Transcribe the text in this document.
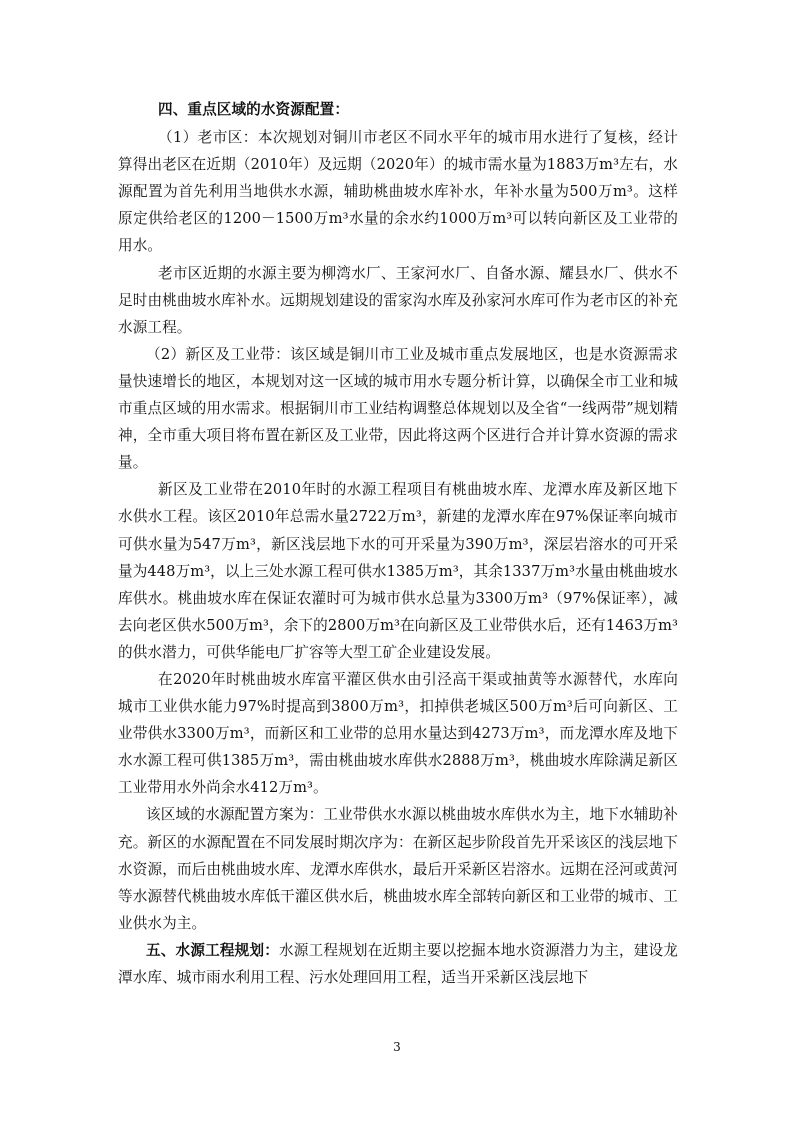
四、重点区域的水资源配置：

（1）老市区：本次规划对铜川市老区不同水平年的城市用水进行了复核，经计算得出老区在近期（2010年）及远期（2020年）的城市需水量为1883万m³左右，水源配置为首先利用当地供水水源，辅助桃曲坡水库补水，年补水量为500万m³。这样原定供给老区的1200－1500万m³水量的余水约1000万m³可以转向新区及工业带的用水。

老市区近期的水源主要为柳湾水厂、王家河水厂、自备水源、耀县水厂、供水不足时由桃曲坡水库补水。远期规划建设的雷家沟水库及孙家河水库可作为老市区的补充水源工程。

（2）新区及工业带：该区域是铜川市工业及城市重点发展地区，也是水资源需求量快速增长的地区，本规划对这一区域的城市用水专题分析计算，以确保全市工业和城市重点区域的用水需求。根据铜川市工业结构调整总体规划以及全省“一线两带”规划精神，全市重大项目将布置在新区及工业带，因此将这两个区进行合并计算水资源的需求量。

新区及工业带在2010年时的水源工程项目有桃曲坡水库、龙潭水库及新区地下水供水工程。该区2010年总需水量2722万m³，新建的龙潭水库在97%保证率向城市可供水量为547万m³，新区浅层地下水的可开采量为390万m³，深层岩溶水的可开采量为448万m³，以上三处水源工程可供水1385万m³，其余1337万m³水量由桃曲坡水库供水。桃曲坡水库在保证农灌时可为城市供水总量为3300万m³（97%保证率），减去向老区供水500万m³，余下的2800万m³在向新区及工业带供水后，还有1463万m³的供水潜力，可供华能电厂扩容等大型工矿企业建设发展。

在2020年时桃曲坡水库富平灌区供水由引泾高干渠或抽黄等水源替代，水库向城市工业供水能力97%时提高到3800万m³，扣掉供老城区500万m³后可向新区、工业带供水3300万m³，而新区和工业带的总用水量达到4273万m³，而龙潭水库及地下水水源工程可供1385万m³，需由桃曲坡水库供水2888万m³，桃曲坡水库除满足新区工业带用水外尚余水412万m³。

该区域的水源配置方案为：工业带供水水源以桃曲坡水库供水为主，地下水辅助补充。新区的水源配置在不同发展时期次序为：在新区起步阶段首先开采该区的浅层地下水资源，而后由桃曲坡水库、龙潭水库供水，最后开采新区岩溶水。远期在泾河或黄河等水源替代桃曲坡水库低干灌区供水后，桃曲坡水库全部转向新区和工业带的城市、工业供水为主。

五、水源工程规划：水源工程规划在近期主要以挖掘本地水资源潜力为主，建设龙潭水库、城市雨水利用工程、污水处理回用工程，适当开采新区浅层地下

3
